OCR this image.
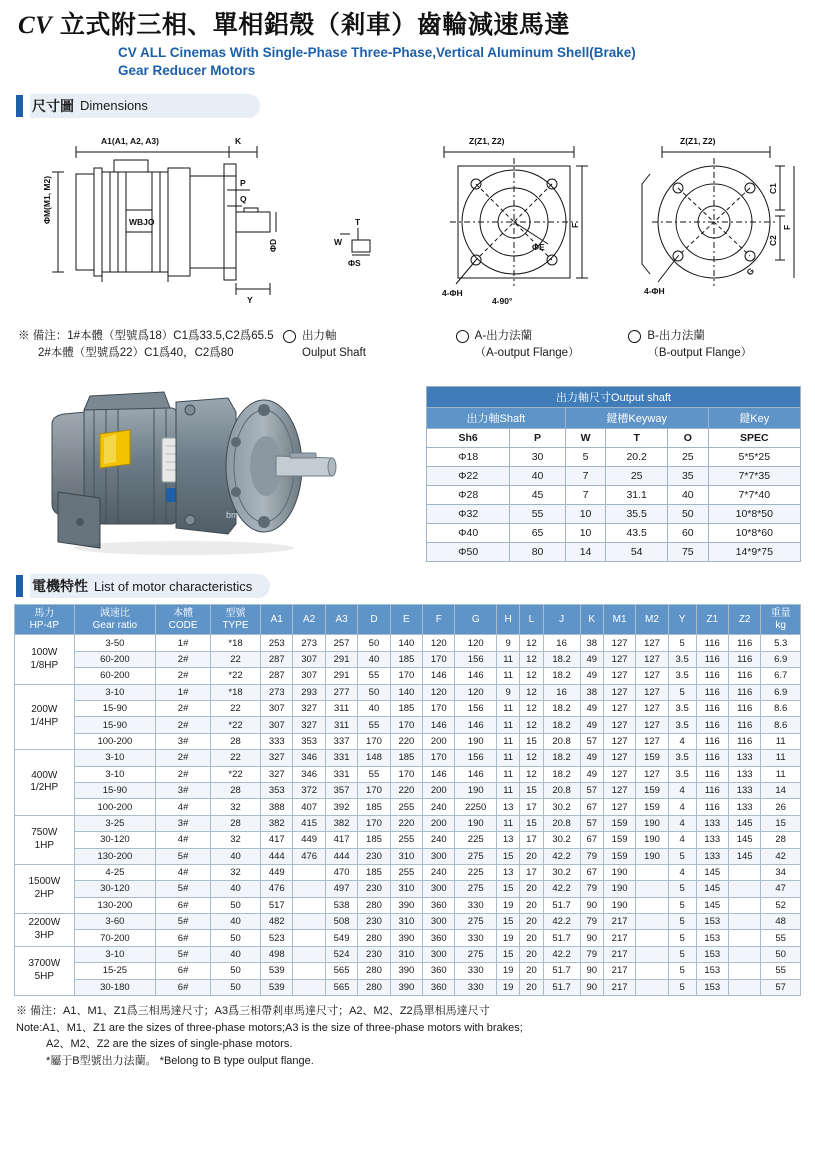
CV 立式附三相、單相鋁殼（剎車）齒輪減速馬達
CV ALL Cinemas With Single-Phase Three-Phase,Vertical Aluminum Shell(Brake)
Gear Reducer Motors
尺寸圖 Dimensions
A1(A1, A2, A3)	K
WBJO
Y
ΦD
P
Q
ΦM(M1, M2)	T
W
ΦS
Z(Z1, Z2)
ΦE
4-ΦH
4-90°
F
Z(Z1, Z2)
C1
C2
F
4-ΦH
G
※ 備注：1#本體（型號爲18）C1爲33.5,C2爲65.5
2#本體（型號爲22）C1爲40，C2爲80
出力軸
Oulput Shaft
A-出力法蘭
（A-output Flange）
B-出力法蘭
（B-output Flange）
bm
出力軸尺寸Output shaft					
出力軸Shaft		鍵槽Keyway			鍵Key
Sh6	P	W	T	O	SPEC
Φ18	30	5	20.2	25	5*5*25
Φ22	40	7	25	35	7*7*35
Φ28	45	7	31.1	40	7*7*40
Φ32	55	10	35.5	50	10*8*50
Φ40	65	10	43.5	60	10*8*60
Φ50	80	14	54	75	14*9*75
電機特性 List of motor characteristics
馬力
HP-4P

減速比
Gear ratio

本體
CODE

型號
TYPE

A1	A2	A3	D	E	F	G	H	L	J	K	M1	M2	Y	Z1	Z2

重量
kg

100W
1/8HP	3-50	1#	*18	253	273	257	50	140	120	120	9	12	16	38	127	127	5	116	116	5.3
	60-200	2#	22	287	307	291	40	185	170	156	11	12	18.2	49	127	127	3.5	116	116	6.9
	60-200	2#	*22	287	307	291	55	170	146	146	11	12	18.2	49	127	127	3.5	116	116	6.7

200W
1/4HP	3-10	1#	*18	273	293	277	50	140	120	120	9	12	16	38	127	127	5	116	116	6.9
	15-90	2#	22	307	327	311	40	185	170	156	11	12	18.2	49	127	127	3.5	116	116	8.6
	15-90	2#	*22	307	327	311	55	170	146	146	11	12	18.2	49	127	127	3.5	116	116	8.6
	100-200	3#	28	333	353	337	170	220	200	190	11	15	20.8	57	127	127	4	116	116	11

400W
1/2HP	3-10	2#	22	327	346	331	148	185	170	156	11	12	18.2	49	127	159	3.5	116	133	11
	3-10	2#	*22	327	346	331	55	170	146	146	11	12	18.2	49	127	127	3.5	116	133	11
	15-90	3#	28	353	372	357	170	220	200	190	11	15	20.8	57	127	159	4	116	133	14
	100-200	4#	32	388	407	392	185	255	240	2250	13	17	30.2	67	127	159	4	116	133	26

750W
1HP	3-25	3#	28	382	415	382	170	220	200	190	11	15	20.8	57	159	190	4	133	145	15
	30-120	4#	32	417	449	417	185	255	240	225	13	17	30.2	67	159	190	4	133	145	28
	130-200	5#	40	444	476	444	230	310	300	275	15	20	42.2	79	159	190	5	133	145	42

1500W
2HP	4-25	4#	32	449		470	185	255	240	225	13	17	30.2	67	190		4	145		34
	30-120	5#	40	476		497	230	310	300	275	15	20	42.2	79	190		5	145		47
	130-200	6#	50	517		538	280	390	360	330	19	20	51.7	90	190		5	145		52

2200W
3HP	3-60	5#	40	482		508	230	310	300	275	15	20	42.2	79	217		5	153		48
	70-200	6#	50	523		549	280	390	360	330	19	20	51.7	90	217		5	153		55

3700W
5HP	3-10	5#	40	498		524	230	310	300	275	15	20	42.2	79	217		5	153		50
	15-25	6#	50	539		565	280	390	360	330	19	20	51.7	90	217		5	153		55
	30-180	6#	50	539		565	280	390	360	330	19	20	51.7	90	217		5	153		57
※ 備注：A1、M1、Z1爲三相馬達尺寸；A3爲三相帶剎車馬達尺寸；A2、M2、Z2爲單相馬達尺寸
Note:A1、M1、Z1 are the sizes of three-phase motors;A3 is the size of three-phase motors with brakes;
A2、M2、Z2 are the sizes of single-phase motors.
*屬于B型號出力法蘭。 *Belong to B type oulput flange.
